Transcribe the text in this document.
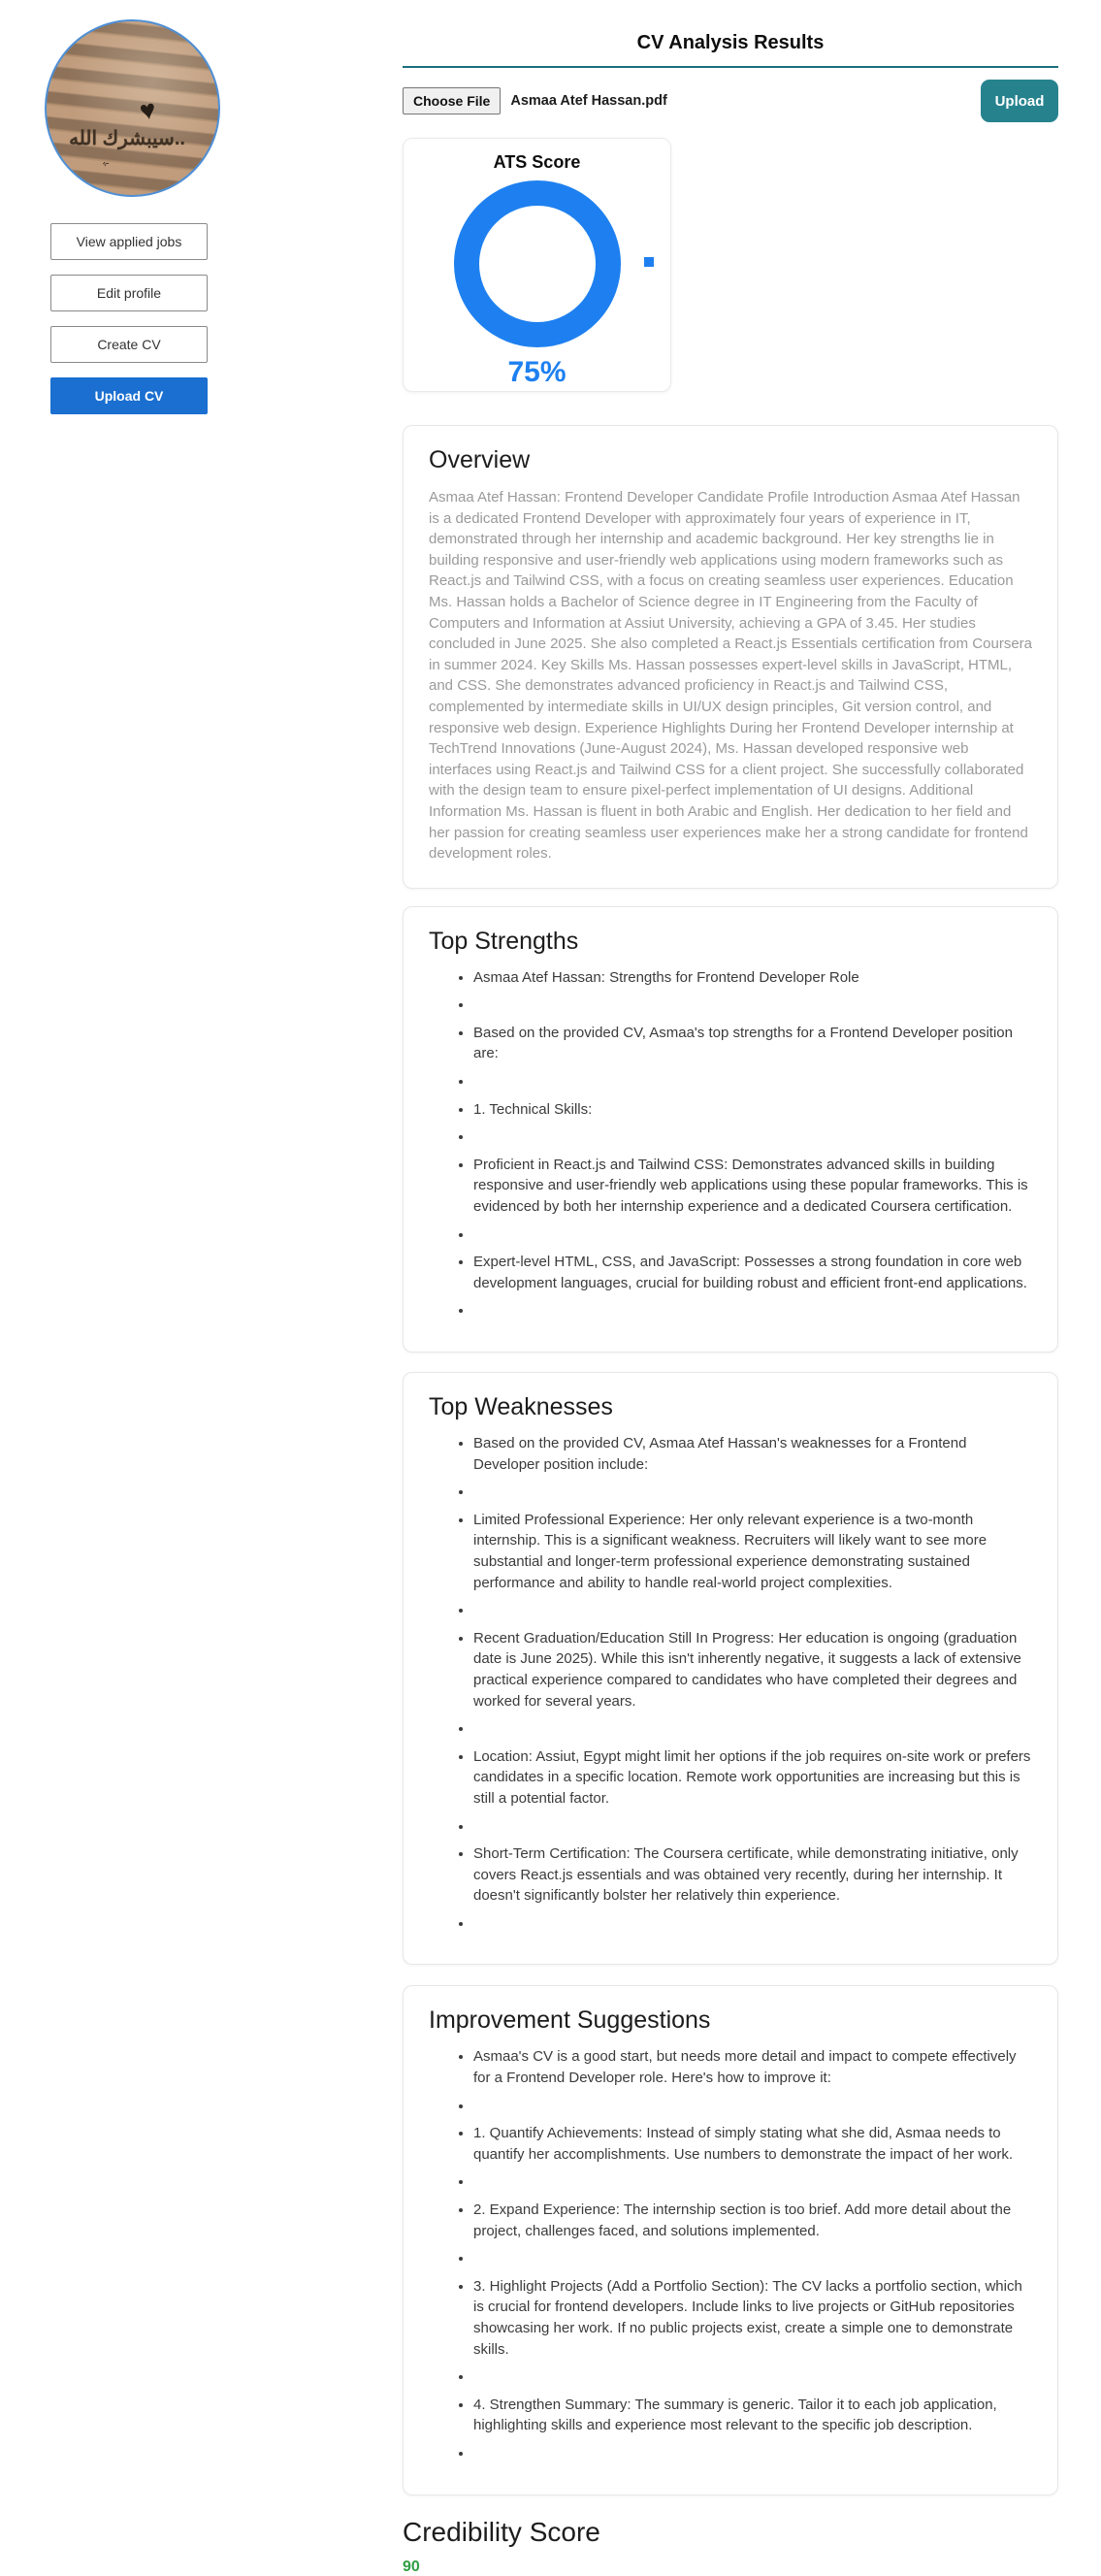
♥
سيبشرك الله..
ـﮩ
View applied jobs
Edit profile
Create CV
Upload CV
CV Analysis Results
Choose File	Asmaa Atef Hassan.pdf	Upload
ATS Score
75%
Overview

Asmaa Atef Hassan: Frontend Developer Candidate Profile Introduction Asmaa Atef Hassan is a dedicated Frontend Developer with approximately four years of experience in IT, demonstrated through her internship and academic background. Her key strengths lie in building responsive and user-friendly web applications using modern frameworks such as React.js and Tailwind CSS, with a focus on creating seamless user experiences. Education Ms. Hassan holds a Bachelor of Science degree in IT Engineering from the Faculty of Computers and Information at Assiut University, achieving a GPA of 3.45. Her studies concluded in June 2025. She also completed a React.js Essentials certification from Coursera in summer 2024. Key Skills Ms. Hassan possesses expert-level skills in JavaScript, HTML, and CSS. She demonstrates advanced proficiency in React.js and Tailwind CSS, complemented by intermediate skills in UI/UX design principles, Git version control, and responsive web design. Experience Highlights During her Frontend Developer internship at TechTrend Innovations (June-August 2024), Ms. Hassan developed responsive web interfaces using React.js and Tailwind CSS for a client project. She successfully collaborated with the design team to ensure pixel-perfect implementation of UI designs. Additional Information Ms. Hassan is fluent in both Arabic and English. Her dedication to her field and her passion for creating seamless user experiences make her a strong candidate for frontend development roles.

Top Strengths
• Asmaa Atef Hassan: Strengths for Frontend Developer Role
•
• Based on the provided CV, Asmaa's top strengths for a Frontend Developer position are:
•
• 1. Technical Skills:
•
• Proficient in React.js and Tailwind CSS: Demonstrates advanced skills in building responsive and user-friendly web applications using these popular frameworks. This is evidenced by both her internship experience and a dedicated Coursera certification.
•
• Expert-level HTML, CSS, and JavaScript: Possesses a strong foundation in core web development languages, crucial for building robust and efficient front-end applications.
•
Top Weaknesses
• Based on the provided CV, Asmaa Atef Hassan's weaknesses for a Frontend Developer position include:
•
• Limited Professional Experience: Her only relevant experience is a two-month internship. This is a significant weakness. Recruiters will likely want to see more substantial and longer-term professional experience demonstrating sustained performance and ability to handle real-world project complexities.
•
• Recent Graduation/Education Still In Progress: Her education is ongoing (graduation date is June 2025). While this isn't inherently negative, it suggests a lack of extensive practical experience compared to candidates who have completed their degrees and worked for several years.
•
• Location: Assiut, Egypt might limit her options if the job requires on-site work or prefers candidates in a specific location. Remote work opportunities are increasing but this is still a potential factor.
•
• Short-Term Certification: The Coursera certificate, while demonstrating initiative, only covers React.js essentials and was obtained very recently, during her internship. It doesn't significantly bolster her relatively thin experience.
•
Improvement Suggestions
• Asmaa's CV is a good start, but needs more detail and impact to compete effectively for a Frontend Developer role. Here's how to improve it:
•
• 1. Quantify Achievements: Instead of simply stating what she did, Asmaa needs to quantify her accomplishments. Use numbers to demonstrate the impact of her work.
•
• 2. Expand Experience: The internship section is too brief. Add more detail about the project, challenges faced, and solutions implemented.
•
• 3. Highlight Projects (Add a Portfolio Section): The CV lacks a portfolio section, which is crucial for frontend developers. Include links to live projects or GitHub repositories showcasing her work. If no public projects exist, create a simple one to demonstrate skills.
•
• 4. Strengthen Summary: The summary is generic. Tailor it to each job application, highlighting skills and experience most relevant to the specific job description.
•
Credibility Score
90
